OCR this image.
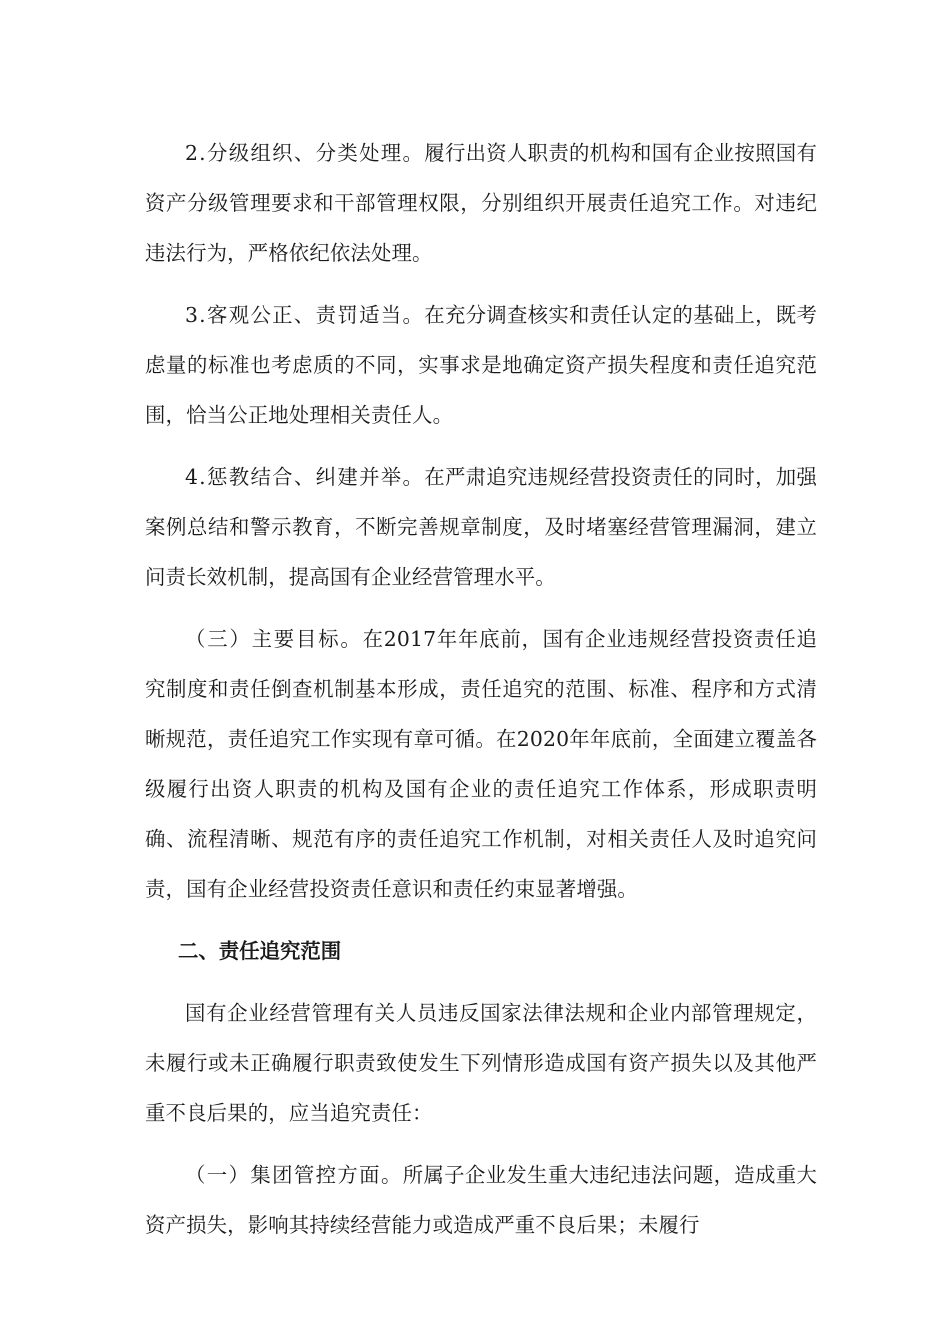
2.分级组织、分类处理。履行出资人职责的机构和国有企业按照国有资产分级管理要求和干部管理权限，分别组织开展责任追究工作。对违纪违法行为，严格依纪依法处理。

3.客观公正、责罚适当。在充分调查核实和责任认定的基础上，既考虑量的标准也考虑质的不同，实事求是地确定资产损失程度和责任追究范围，恰当公正地处理相关责任人。

4.惩教结合、纠建并举。在严肃追究违规经营投资责任的同时，加强案例总结和警示教育，不断完善规章制度，及时堵塞经营管理漏洞，建立问责长效机制，提高国有企业经营管理水平。

（三）主要目标。在2017年年底前，国有企业违规经营投资责任追究制度和责任倒查机制基本形成，责任追究的范围、标准、程序和方式清晰规范，责任追究工作实现有章可循。在2020年年底前，全面建立覆盖各级履行出资人职责的机构及国有企业的责任追究工作体系，形成职责明确、流程清晰、规范有序的责任追究工作机制，对相关责任人及时追究问责，国有企业经营投资责任意识和责任约束显著增强。

二、责任追究范围

国有企业经营管理有关人员违反国家法律法规和企业内部管理规定，未履行或未正确履行职责致使发生下列情形造成国有资产损失以及其他严重不良后果的，应当追究责任：

（一）集团管控方面。所属子企业发生重大违纪违法问题，造成重大资产损失，影响其持续经营能力或造成严重不良后果；未履行
